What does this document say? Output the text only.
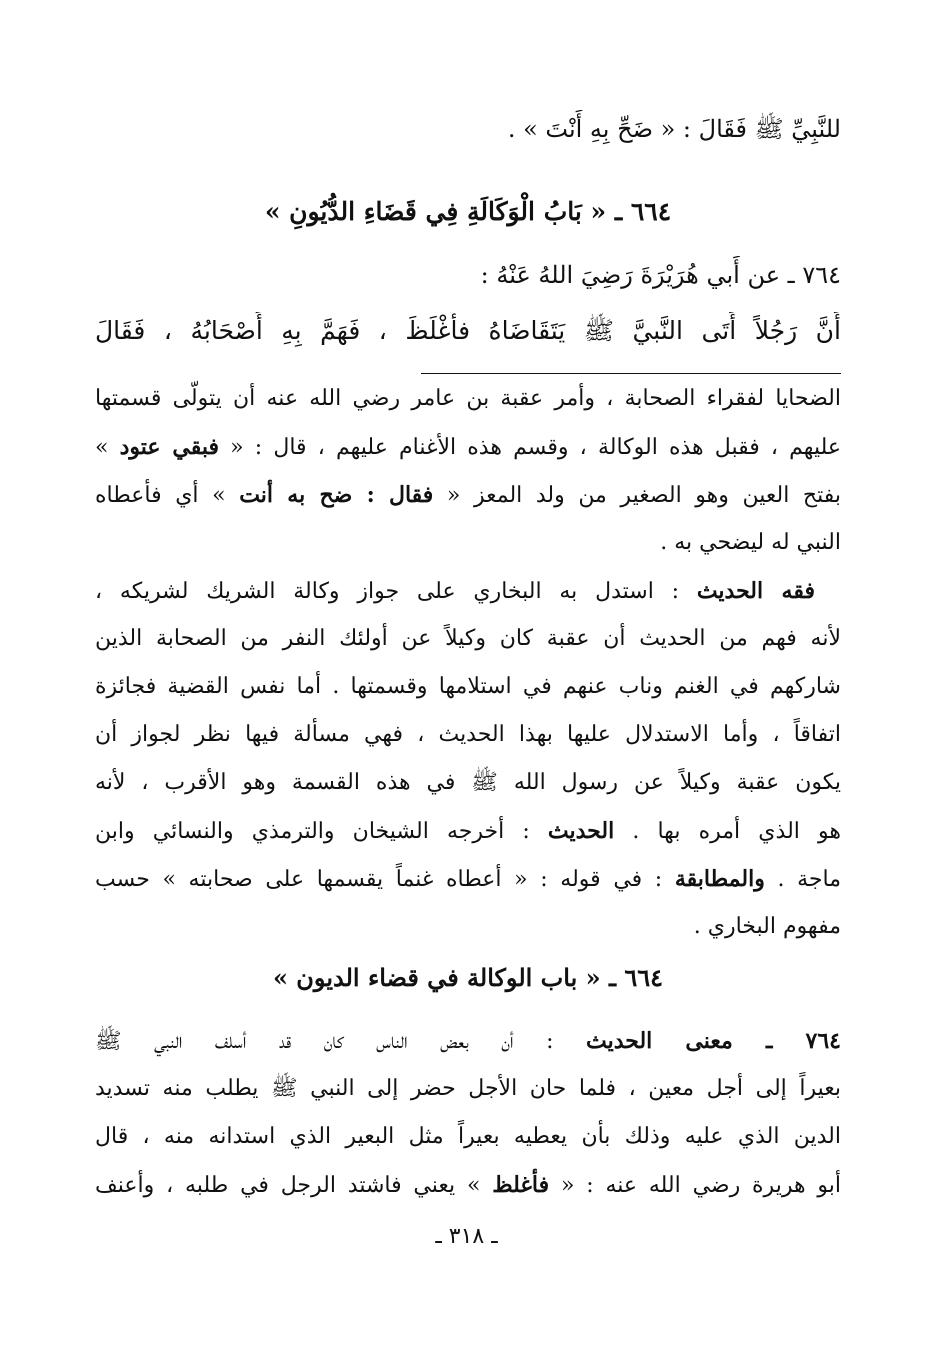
للنَّبِيِّ ﷺ فَقَالَ : « ضَحِّ بِهِ أَنْتَ » .
٦٦٤ ـ « بَابُ الْوَكَالَةِ فِي قَضَاءِ الدُّيُونِ »
٧٦٤ ـ عن أَبي هُرَيْرَةَ رَضِيَ اللهُ عَنْهُ :
أَنَّ رَجُلاً أَتَى النَّبيَّ ﷺ يَتَقَاضَاهُ فأَغْلَظَ ، فَهَمَّ بِهِ أَصْحَابُهُ ، فَقَالَ
الضحايا لفقراء الصحابة ، وأمر عقبة بن عامر رضي الله عنه أن يتولّى قسمتها
عليهم ، فقبل هذه الوكالة ، وقسم هذه الأغنام عليهم ، قال : « فبقي عتود »
بفتح العين وهو الصغير من ولد المعز « فقال : ضح به أنت » أي فأعطاه
النبي له ليضحي به .
فقه الحديث : استدل به البخاري على جواز وكالة الشريك لشريكه ،
لأنه فهم من الحديث أن عقبة كان وكيلاً عن أولئك النفر من الصحابة الذين
شاركهم في الغنم وناب عنهم في استلامها وقسمتها . أما نفس القضية فجائزة
اتفاقاً ، وأما الاستدلال عليها بهذا الحديث ، فهي مسألة فيها نظر لجواز أن
يكون عقبة وكيلاً عن رسول الله ﷺ في هذه القسمة وهو الأقرب ، لأنه
هو الذي أمره بها . الحديث : أخرجه الشيخان والترمذي والنسائي وابن
ماجة . والمطابقة : في قوله : « أعطاه غنماً يقسمها على صحابته » حسب
مفهوم البخاري .
٦٦٤ ـ « باب الوكالة في قضاء الديون »
٧٦٤ ـ معنى الحديث : أن بعض الناس كان قد أسلف النبي ﷺ
بعيراً إلى أجل معين ، فلما حان الأجل حضر إلى النبي ﷺ يطلب منه تسديد
الدين الذي عليه وذلك بأن يعطيه بعيراً مثل البعير الذي استدانه منه ، قال
أبو هريرة رضي الله عنه : « فأغلظ » يعني فاشتد الرجل في طلبه ، وأعنف
ـ ٣١٨ ـ
